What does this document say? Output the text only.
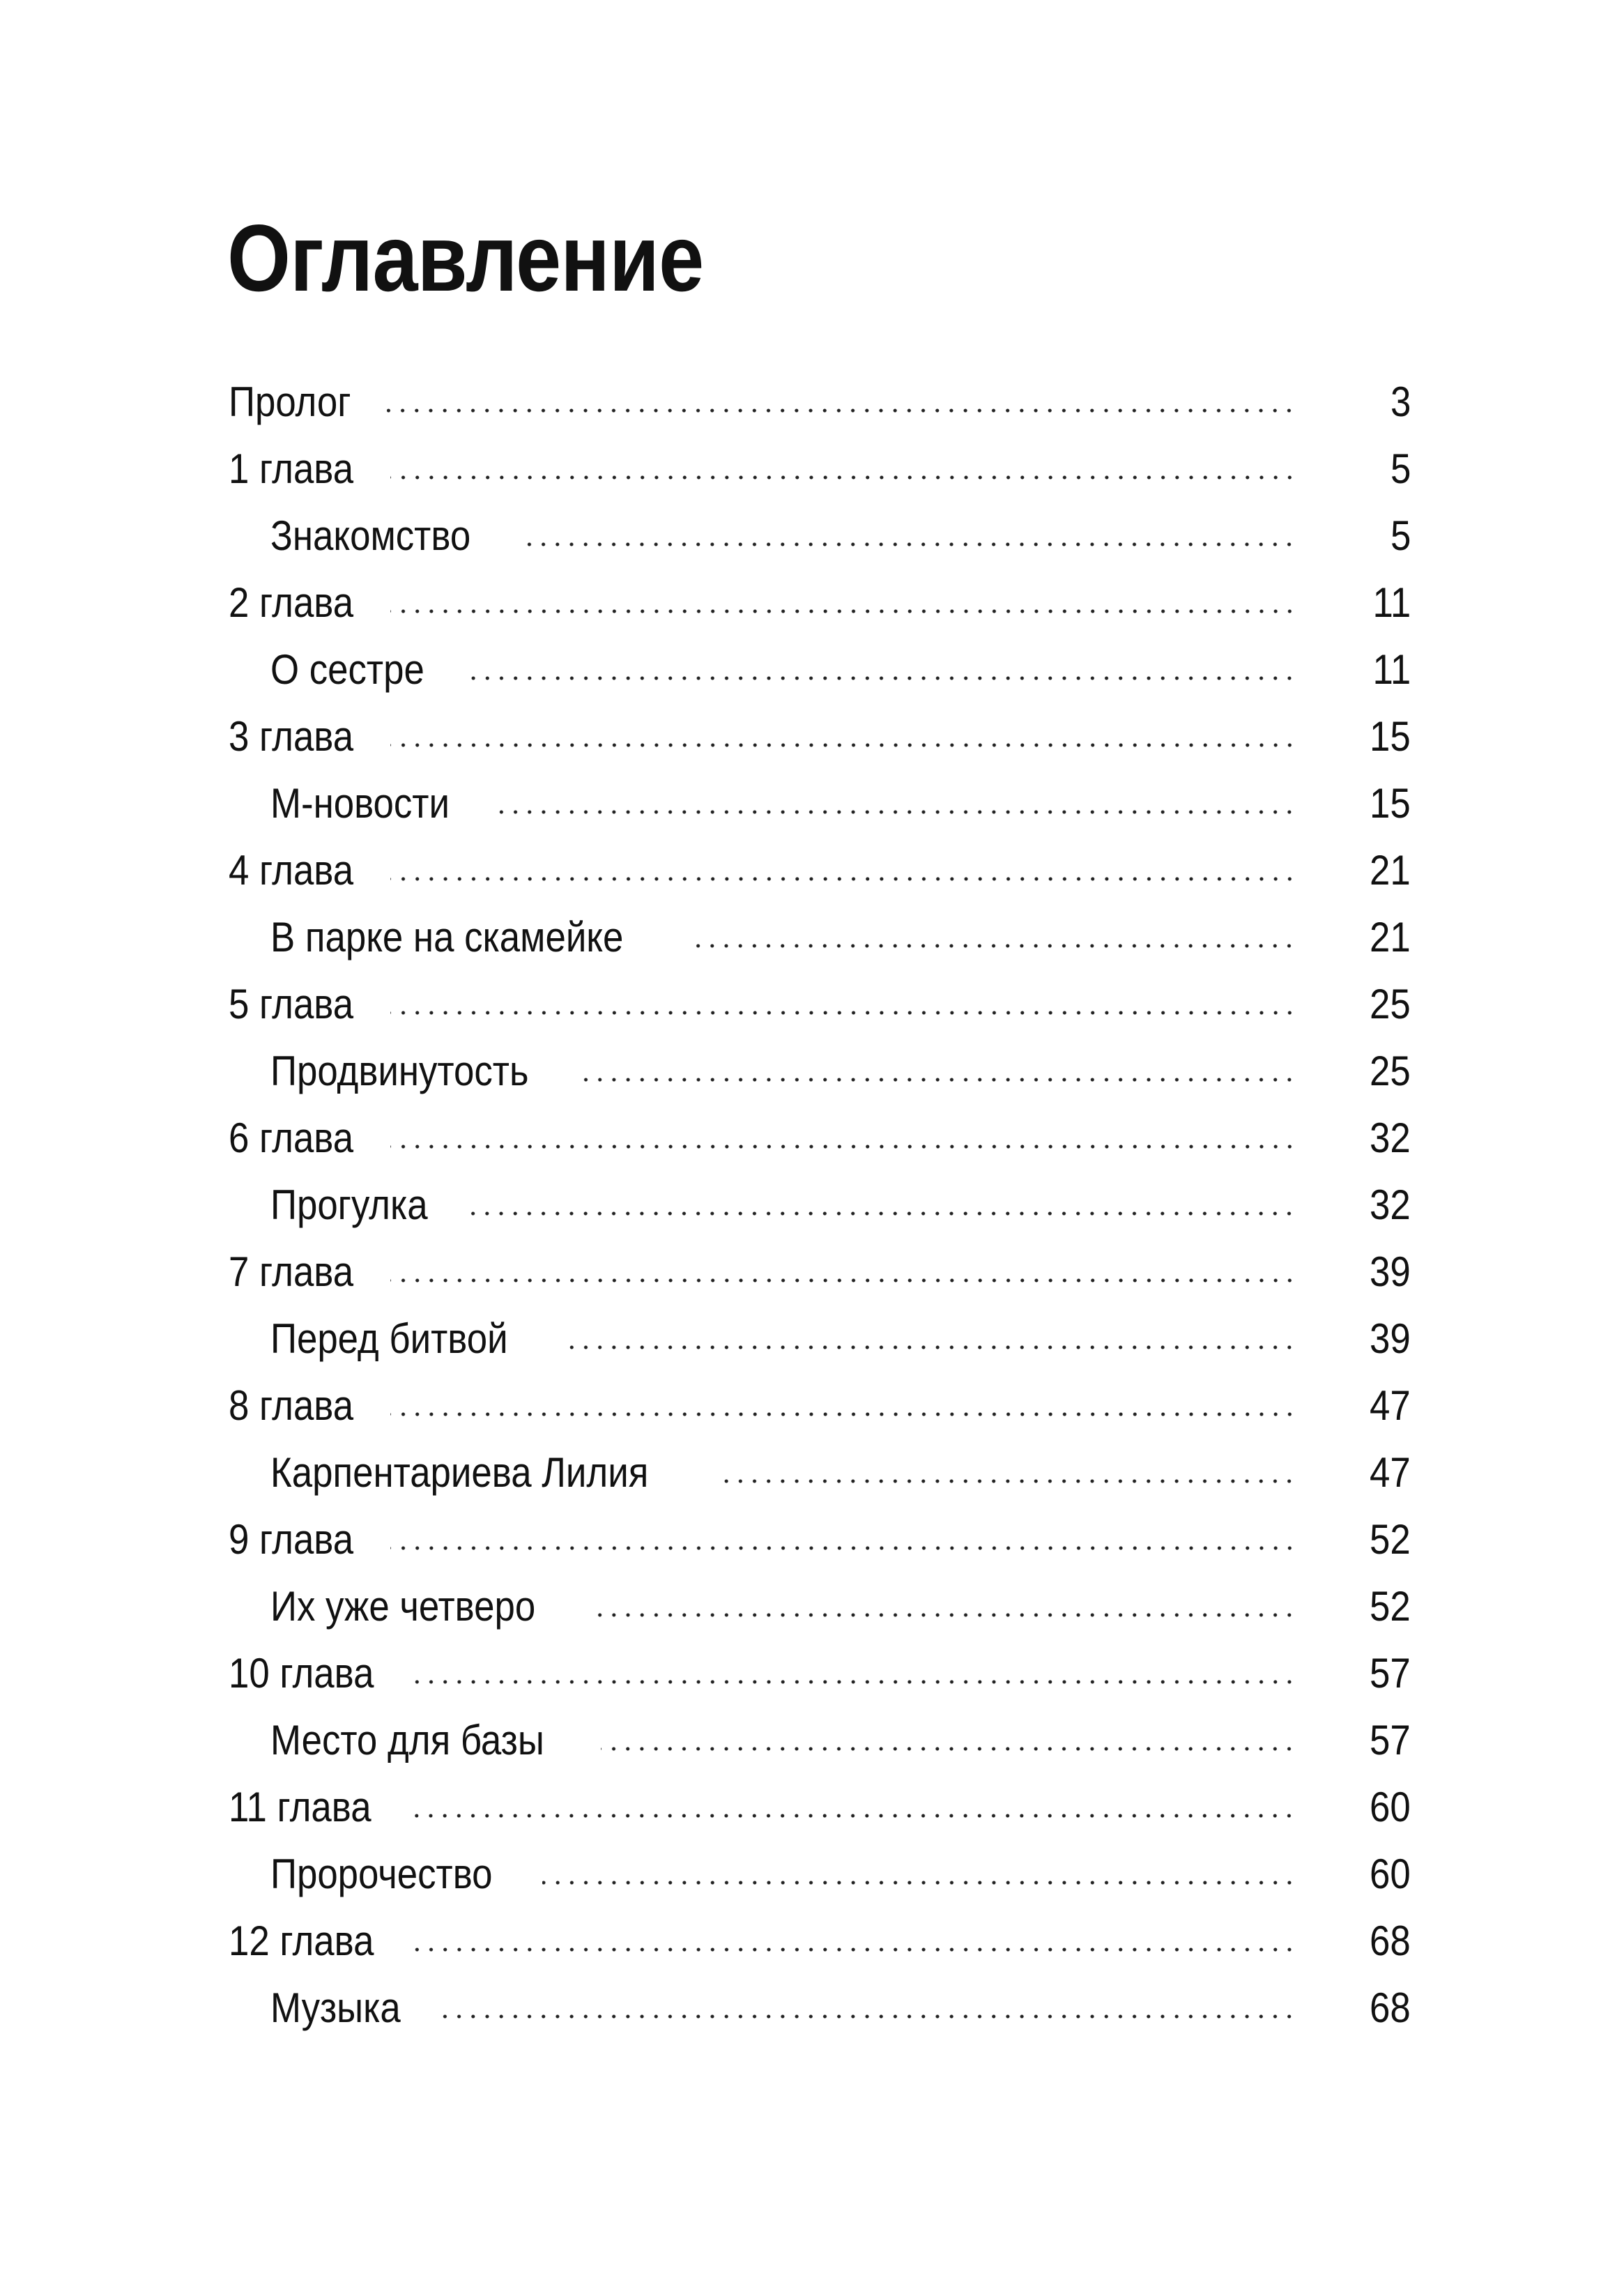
Оглавление
Пролог	3
1 глава	5
Знакомство	5
2 глава	11
О сестре	11
3 глава	15
М-новости	15
4 глава	21
В парке на скамейке	21
5 глава	25
Продвинутость	25
6 глава	32
Прогулка	32
7 глава	39
Перед битвой	39
8 глава	47
Карпентариева Лилия	47
9 глава	52
Их уже четверо	52
10 глава	57
Место для базы	57
11 глава	60
Пророчество	60
12 глава	68
Музыка	68
